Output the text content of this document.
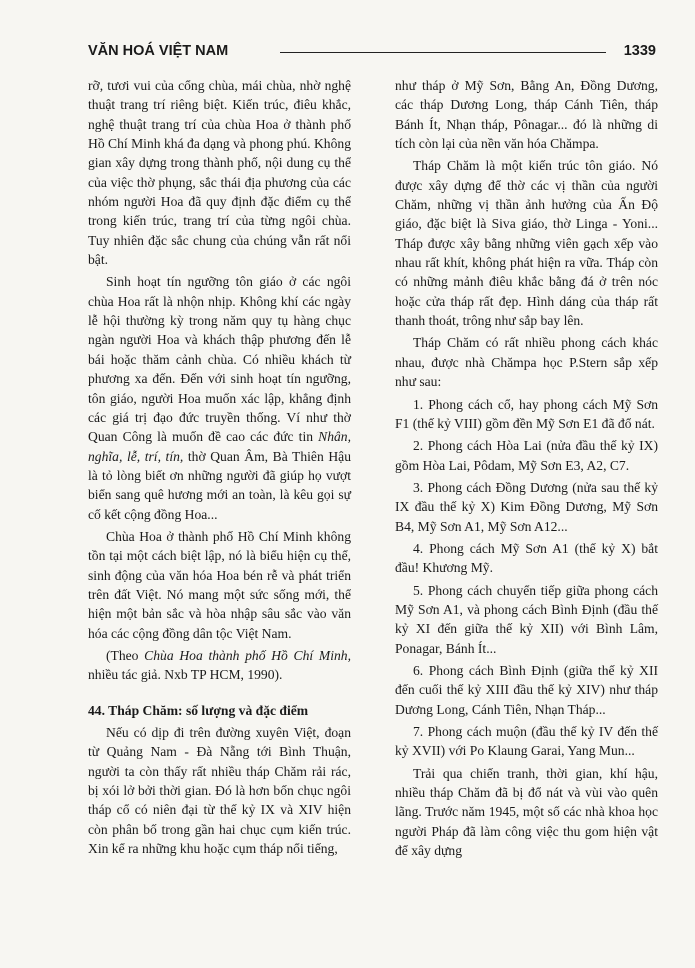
VĂN HOÁ VIỆT NAM	1339

rỡ, tươi vui của cổng chùa, mái chùa, nhờ nghệ thuật trang trí riêng biệt. Kiến trúc, điêu khắc, nghệ thuật trang trí của chùa Hoa ở thành phố Hồ Chí Minh khá đa dạng và phong phú. Không gian xây dựng trong thành phố, nội dung cụ thể của việc thờ phụng, sắc thái địa phương của các nhóm người Hoa đã quy định đặc điểm cụ thể trong kiến trúc, trang trí của từng ngôi chùa. Tuy nhiên đặc sắc chung của chúng vẫn rất nổi bật.

Sinh hoạt tín ngưỡng tôn giáo ở các ngôi chùa Hoa rất là nhộn nhịp. Không khí các ngày lễ hội thường kỳ trong năm quy tụ hàng chục ngàn người Hoa và khách thập phương đến lễ bái hoặc thăm cảnh chùa. Có nhiều khách từ phương xa đến. Đến với sinh hoạt tín ngưỡng, tôn giáo, người Hoa muốn xác lập, khẳng định các giá trị đạo đức truyền thống. Ví như thờ Quan Công là muốn đề cao các đức tin Nhân, nghĩa, lễ, trí, tín, thờ Quan Âm, Bà Thiên Hậu là tỏ lòng biết ơn những người đã giúp họ vượt biển sang quê hương mới an toàn, là kêu gọi sự cố kết cộng đồng Hoa...

Chùa Hoa ở thành phố Hồ Chí Minh không tồn tại một cách biệt lập, nó là biểu hiện cụ thể, sinh động của văn hóa Hoa bén rễ và phát triển trên đất Việt. Nó mang một sức sống mới, thể hiện một bản sắc và hòa nhập sâu sắc vào văn hóa các cộng đồng dân tộc Việt Nam.

(Theo Chùa Hoa thành phố Hồ Chí Minh, nhiều tác giả. Nxb TP HCM, 1990).

44. Tháp Chăm: số lượng và đặc điểm

Nếu có dịp đi trên đường xuyên Việt, đoạn từ Quảng Nam - Đà Nẵng tới Bình Thuận, người ta còn thấy rất nhiều tháp Chăm rải rác, bị xói lở bởi thời gian. Đó là hơn bốn chục ngôi tháp cổ có niên đại từ thế kỷ IX và XIV hiện còn phân bố trong gần hai chục cụm kiến trúc. Xin kể ra những khu hoặc cụm tháp nổi tiếng,

như tháp ở Mỹ Sơn, Bằng An, Đồng Dương, các tháp Dương Long, tháp Cánh Tiên, tháp Bánh Ít, Nhạn tháp, Pônagar... đó là những di tích còn lại của nền văn hóa Chămpa.

Tháp Chăm là một kiến trúc tôn giáo. Nó được xây dựng để thờ các vị thần của người Chăm, những vị thần ảnh hưởng của Ấn Độ giáo, đặc biệt là Siva giáo, thờ Linga - Yoni... Tháp được xây bằng những viên gạch xếp vào nhau rất khít, không phát hiện ra vữa. Tháp còn có những mảnh điêu khắc bằng đá ở trên nóc hoặc cửa tháp rất đẹp. Hình dáng của tháp rất thanh thoát, trông như sắp bay lên.

Tháp Chăm có rất nhiều phong cách khác nhau, được nhà Chămpa học P.Stern sắp xếp như sau:

1. Phong cách cổ, hay phong cách Mỹ Sơn F1 (thế kỷ VIII) gồm đền Mỹ Sơn E1 đã đổ nát.

2. Phong cách Hòa Lai (nửa đầu thế kỷ IX) gồm Hòa Lai, Pôdam, Mỹ Sơn E3, A2, C7.

3. Phong cách Đồng Dương (nửa sau thế kỷ IX đầu thế kỷ X) Kim Đồng Dương, Mỹ Sơn B4, Mỹ Sơn A1, Mỹ Sơn A12...

4. Phong cách Mỹ Sơn A1 (thế kỷ X) bắt đầu! Khương Mỹ.

5. Phong cách chuyển tiếp giữa phong cách Mỹ Sơn A1, và phong cách Bình Định (đầu thế kỷ XI đến giữa thế kỷ XII) với Bình Lâm, Ponagar, Bánh Ít...

6. Phong cách Bình Định (giữa thế kỷ XII đến cuối thế kỷ XIII đầu thế kỷ XIV) như tháp Dương Long, Cánh Tiên, Nhạn Tháp...

7. Phong cách muộn (đầu thế kỷ IV đến thế kỷ XVII) với Po Klaung Garai, Yang Mun...

Trải qua chiến tranh, thời gian, khí hậu, nhiều tháp Chăm đã bị đổ nát và vùi vào quên lãng. Trước năm 1945, một số các nhà khoa học người Pháp đã làm công việc thu gom hiện vật để xây dựng
